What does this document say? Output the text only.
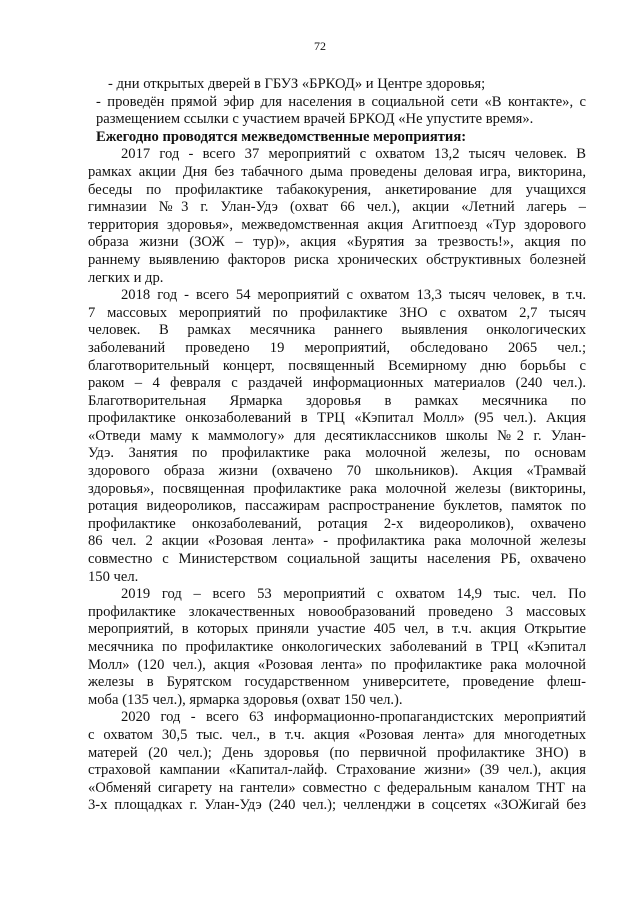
72
- дни открытых дверей в ГБУЗ «БРКОД» и Центре здоровья;
- проведён прямой эфир для населения в социальной сети «В контакте», с
размещением ссылки с участием врачей БРКОД «Не упустите время».
Ежегодно проводятся межведомственные мероприятия:
2017 год - всего 37 мероприятий с охватом 13,2 тысяч человек. В
рамках акции Дня без табачного дыма проведены деловая игра, викторина,
беседы по профилактике табакокурения, анкетирование для учащихся
гимназии №3 г. Улан-Удэ (охват 66 чел.), акции «Летний лагерь –
территория здоровья», межведомственная акция Агитпоезд «Тур здорового
образа жизни (ЗОЖ – тур)», акция «Бурятия за трезвость!», акция по
раннему выявлению факторов риска хронических обструктивных болезней
легких и др.
2018 год - всего 54 мероприятий с охватом 13,3 тысяч человек, в т.ч.
7 массовых мероприятий по профилактике ЗНО с охватом 2,7 тысяч
человек. В рамках месячника раннего выявления онкологических
заболеваний проведено 19 мероприятий, обследовано 2065 чел.;
благотворительный концерт, посвященный Всемирному дню борьбы с
раком – 4 февраля с раздачей информационных материалов (240 чел.).
Благотворительная Ярмарка здоровья в рамках месячника по
профилактике онкозаболеваний в ТРЦ «Кэпитал Молл» (95 чел.). Акция
«Отведи маму к маммологу» для десятиклассников школы №2 г. Улан-
Удэ. Занятия по профилактике рака молочной железы, по основам
здорового образа жизни (охвачено 70 школьников). Акция «Трамвай
здоровья», посвященная профилактике рака молочной железы (викторины,
ротация видеороликов, пассажирам распространение буклетов, памяток по
профилактике онкозаболеваний, ротация 2-х видеороликов), охвачено
86 чел. 2 акции «Розовая лента» - профилактика рака молочной железы
совместно с Министерством социальной защиты населения РБ, охвачено
150 чел.
2019 год – всего 53 мероприятий с охватом 14,9 тыс. чел. По
профилактике злокачественных новообразований проведено 3 массовых
мероприятий, в которых приняли участие 405 чел, в т.ч. акция Открытие
месячника по профилактике онкологических заболеваний в ТРЦ «Кэпитал
Молл» (120 чел.), акция «Розовая лента» по профилактике рака молочной
железы в Бурятском государственном университете, проведение флеш-
моба (135 чел.), ярмарка здоровья (охват 150 чел.).
2020 год - всего 63 информационно-пропагандистских мероприятий
с охватом 30,5 тыс. чел., в т.ч. акция «Розовая лента» для многодетных
матерей (20 чел.); День здоровья (по первичной профилактике ЗНО) в
страховой кампании «Капитал-лайф. Страхование жизни» (39 чел.), акция
«Обменяй сигарету на гантели» совместно с федеральным каналом ТНТ на
3-х площадках г. Улан-Удэ (240 чел.); челленджи в соцсетях «ЗОЖигай без
